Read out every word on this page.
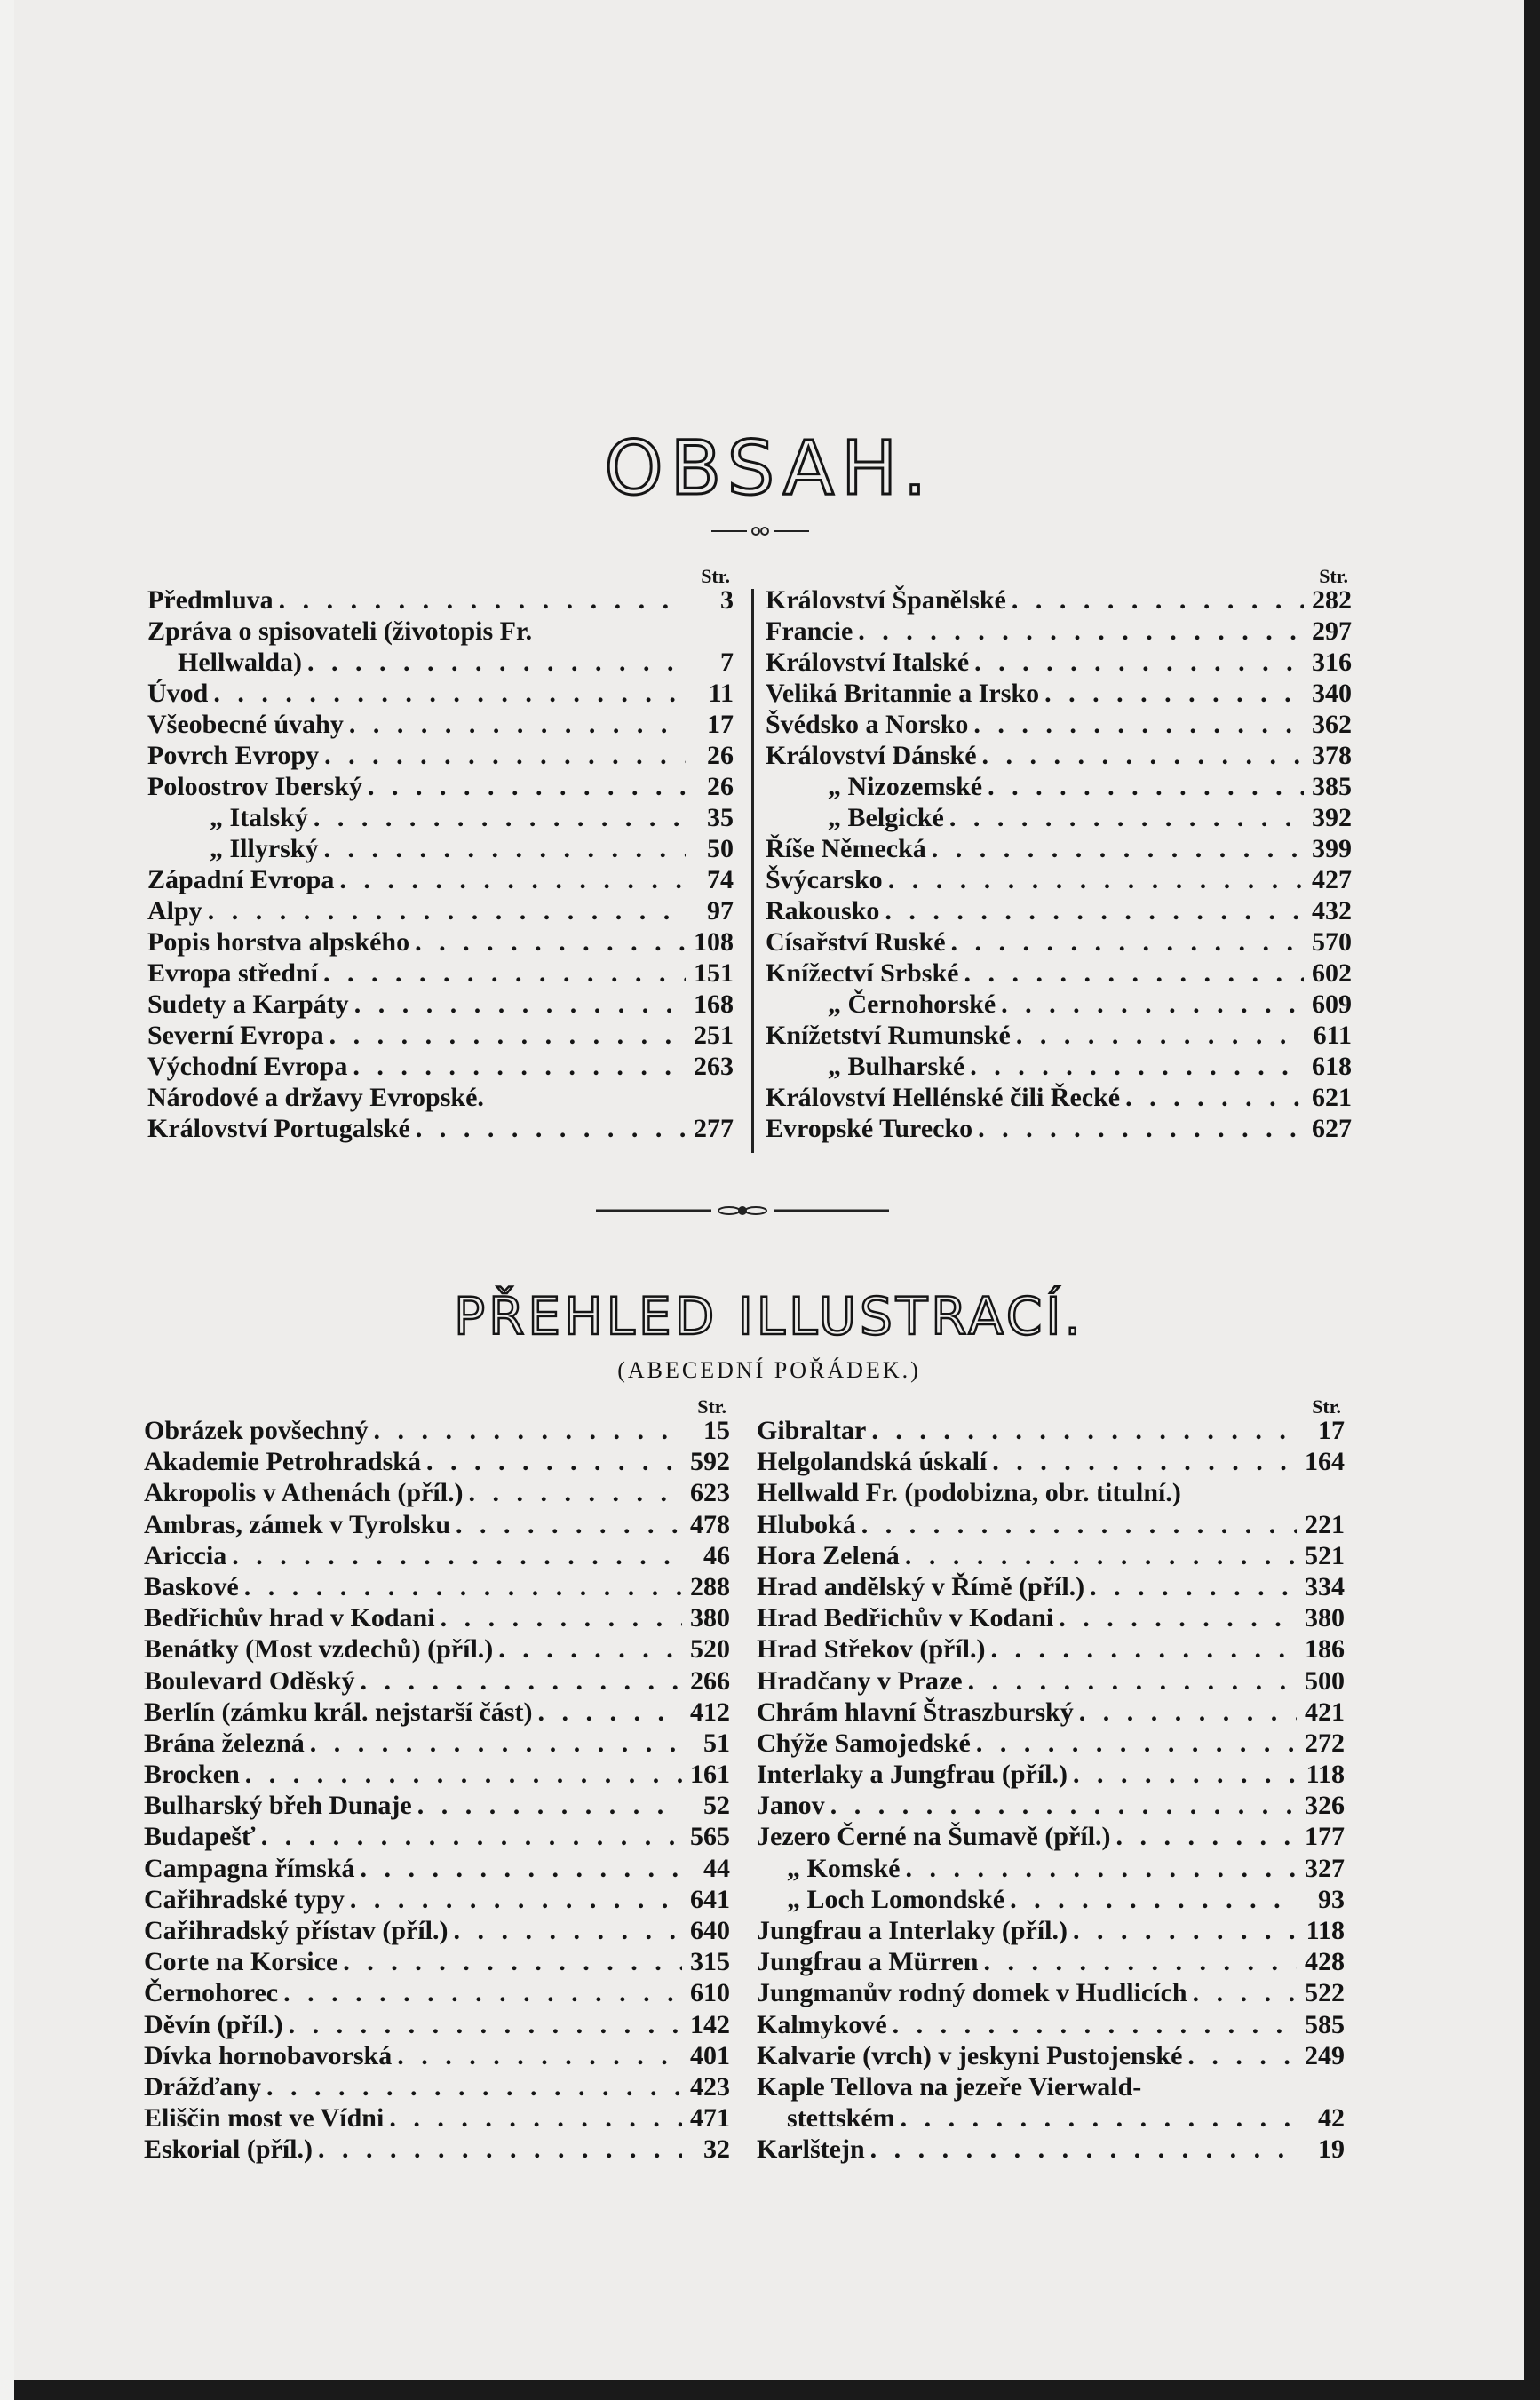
OBSAH.
Str.
Předmluva . . .	3
Zpráva o spisovateli (životopis Fr.
Hellwalda) . . .	7
Úvod . . .	11
Všeobecné úvahy . . .	17
Povrch Evropy . . .	26
Poloostrov Iberský . . .	26
„ Italský . . .	35
„ Illyrský . . .	50
Západní Evropa . . .	74
Alpy . . .	97
Popis horstva alpského . . .	108
Evropa střední . . .	151
Sudety a Karpáty . . .	168
Severní Evropa . . .	251
Východní Evropa . . .	263
Národové a državy Evropské.
Království Portugalské . . .	277
Str.
Království Španělské . . .	282
Francie . . .	297
Království Italské . . .	316
Veliká Britannie a Irsko . . .	340
Švédsko a Norsko . . .	362
Království Dánské . . .	378
„ Nizozemské . . .	385
„ Belgické . . .	392
Říše Německá . . .	399
Švýcarsko . . .	427
Rakousko . . .	432
Císařství Ruské . . .	570
Knížectví Srbské . . .	602
„ Černohorské . . .	609
Knížetství Rumunské . . .	611
„ Bulharské . . .	618
Království Hellénské čili Řecké . . .	621
Evropské Turecko . . .	627
PŘEHLED ILLUSTRACÍ.
(ABECEDNÍ POŘÁDEK.)
Str.
Obrázek povšechný . . .	15
Akademie Petrohradská . . .	592
Akropolis v Athenách (příl.) . . .	623
Ambras, zámek v Tyrolsku . . .	478
Ariccia . . .	46
Baskové . . .	288
Bedřichův hrad v Kodani . . .	380
Benátky (Most vzdechů) (příl.) . . .	520
Boulevard Oděský . . .	266
Berlín (zámku král. nejstarší část) . . .	412
Brána železná . . .	51
Brocken . . .	161
Bulharský břeh Dunaje . . .	52
Budapešť . . .	565
Campagna římská . . .	44
Cařihradské typy . . .	641
Cařihradský přístav (příl.) . . .	640
Corte na Korsice . . .	315
Černohorec . . .	610
Děvín (příl.) . . .	142
Dívka hornobavorská . . .	401
Drážďany . . .	423
Eliščin most ve Vídni . . .	471
Eskorial (příl.) . . .	32
Str.
Gibraltar . . .	17
Helgolandská úskalí . . .	164
Hellwald Fr. (podobizna, obr. titulní.)
Hluboká . . .	221
Hora Zelená . . .	521
Hrad andělský v Římě (příl.) . . .	334
Hrad Bedřichův v Kodani . . .	380
Hrad Střekov (příl.) . . .	186
Hradčany v Praze . . .	500
Chrám hlavní Štraszburský . . .	421
Chýže Samojedské . . .	272
Interlaky a Jungfrau (příl.) . . .	118
Janov . . .	326
Jezero Černé na Šumavě (příl.) . . .	177
„ Komské . . .	327
„ Loch Lomondské . . .	93
Jungfrau a Interlaky (příl.) . . .	118
Jungfrau a Mürren . . .	428
Jungmanův rodný domek v Hudlicích . . .	522
Kalmykové . . .	585
Kalvarie (vrch) v jeskyni Pustojenské . . .	249
Kaple Tellova na jezeře Vierwald-
stettském . . .	42
Karlštejn . . .	19
